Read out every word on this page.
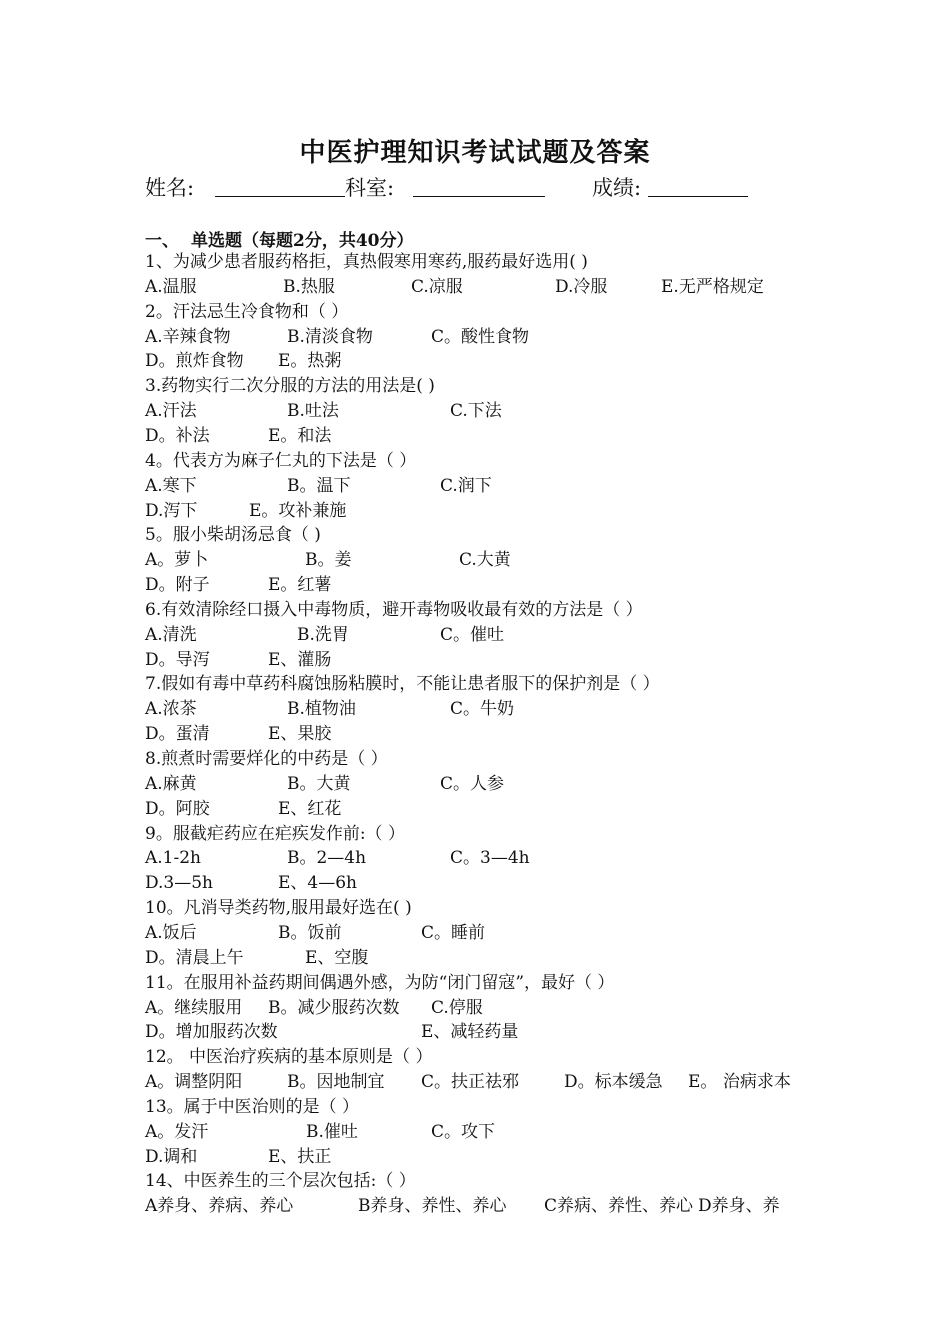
中医护理知识考试试题及答案
姓名:	科室:	成绩:
一、 单选题（每题2分，共40分）
1、为减少患者服药格拒，真热假寒用寒药,服药最好选用( )
A.温服	B.热服	C.凉服	D.冷服	E.无严格规定
2。汗法忌生冷食物和（ ）
A.辛辣食物	B.清淡食物	C。酸性食物
D。煎炸食物 E。热粥
3.药物实行二次分服的方法的用法是( )
A.汗法	B.吐法	C.下法
D。补法	E。和法
4。代表方为麻子仁丸的下法是（ ）
A.寒下	B。温下	C.润下
D.泻下	E。攻补兼施
5。服小柴胡汤忌食（ )
A。萝卜	B。姜	C.大黄
D。附子	E。红薯
6.有效清除经口摄入中毒物质，避开毒物吸收最有效的方法是（ ）
A.清洗	B.洗胃	C。催吐
D。导泻	E、灌肠
7.假如有毒中草药科腐蚀肠粘膜时，不能让患者服下的保护剂是（ ）
A.浓茶	B.植物油	C。牛奶
D。蛋清	E、果胶
8.煎煮时需要烊化的中药是（ ）
A.麻黄	B。大黄	C。人参
D。阿胶	E、红花
9。服截疟药应在疟疾发作前:（ ）
A.1-2h	B。2—4h	C。3—4h
D.3—5h	E、4—6h
10。凡消导类药物,服用最好选在( )
A.饭后	B。饭前	C。睡前
D。清晨上午	E、空腹
11。在服用补益药期间偶遇外感，为防“闭门留寇”，最好（ ）
A。继续服用 B。减少服药次数 C.停服
D。增加服药次数	E、减轻药量
12。 中医治疗疾病的基本原则是（ ）
A。调整阴阳	B。因地制宜 C。扶正祛邪	D。标本缓急 E。 治病求本
13。属于中医治则的是（ ）
A。发汗	B.催吐	C。攻下
D.调和	E、扶正
14、中医养生的三个层次包括:（ ）
A养身、养病、养心	B养身、养性、养心 C养病、养性、养心 D养身、养
